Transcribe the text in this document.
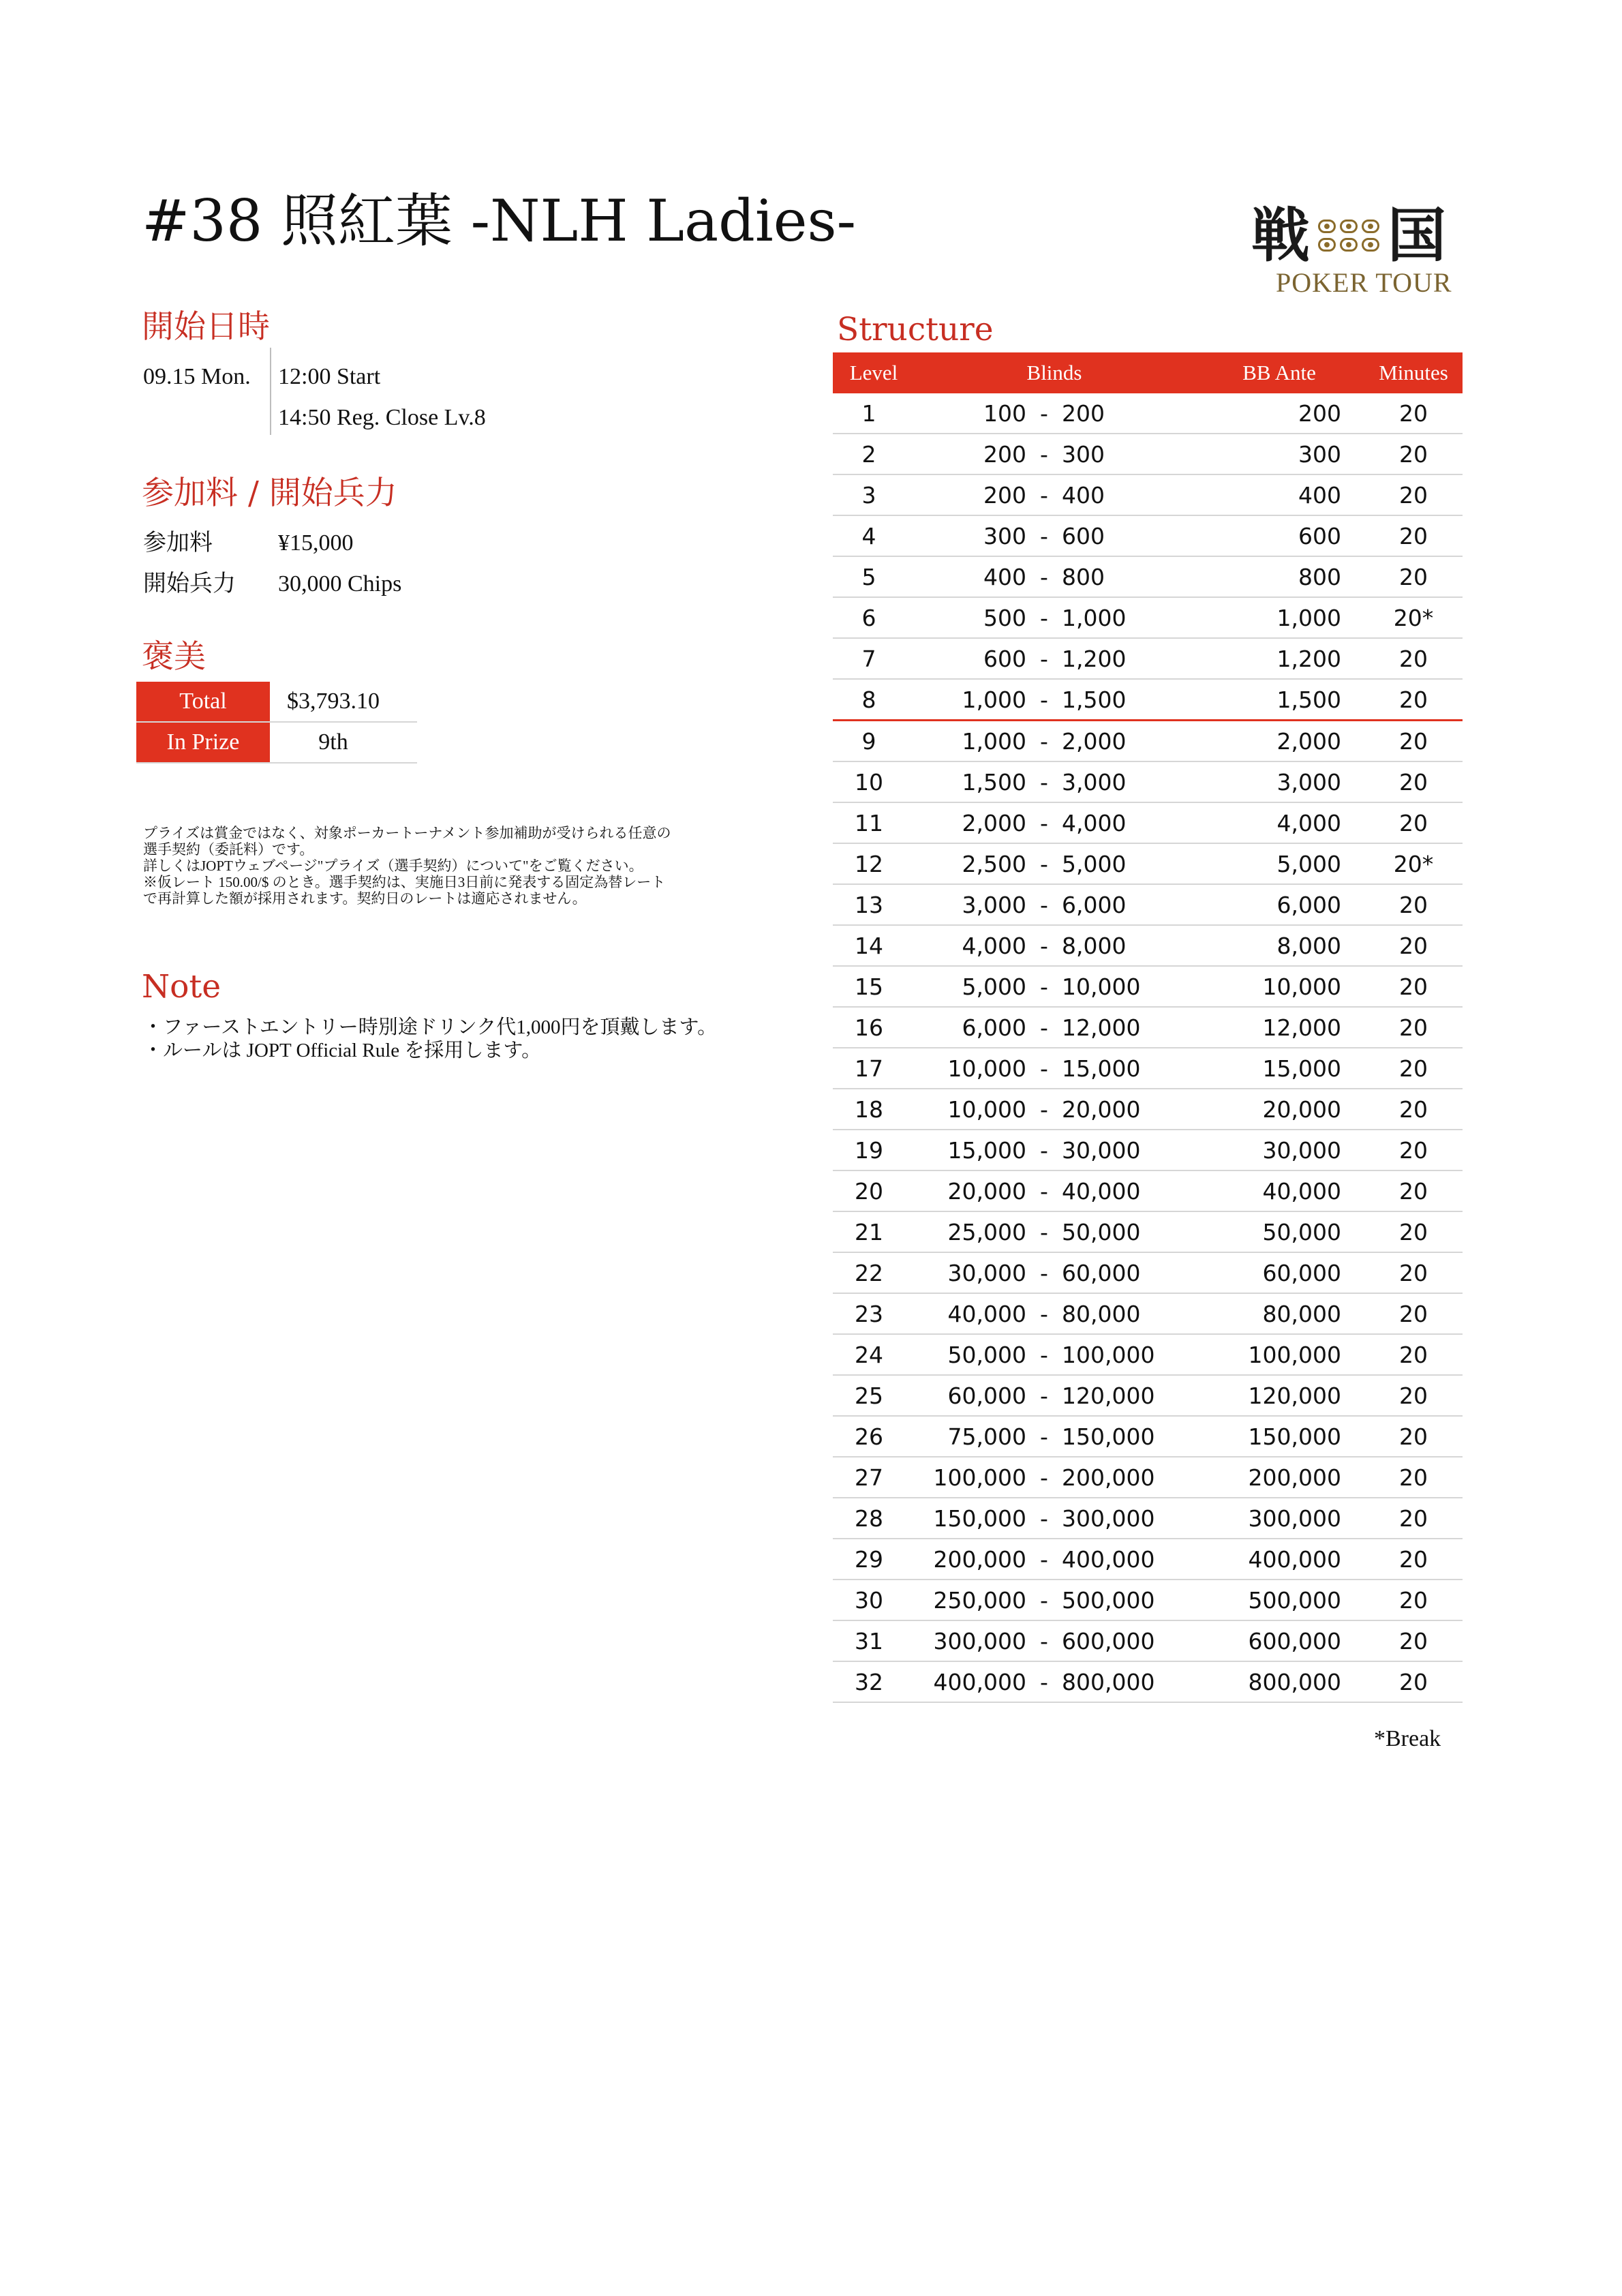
#38 照紅葉 -NLH Ladies-	戦 国
POKER TOUR
開始日時
09.15 Mon. 12:00 Start
14:50 Reg. Close Lv.8
参加料 / 開始兵力
参加料	¥15,000
開始兵力 30,000 Chips
褒美
Total	$3,793.10
In Prize	9th
プライズは賞金ではなく、対象ポーカートーナメント参加補助が受けられる任意の
選手契約（委託料）です。
詳しくはJOPTウェブページ"プライズ（選手契約）について"をご覧ください。
※仮レート 150.00/$ のとき。選手契約は、実施日3日前に発表する固定為替レート
で再計算した額が採用されます。契約日のレートは適応されません。
Note
・ファーストエントリー時別途ドリンク代1,000円を頂戴します。
・ルールは JOPT Official Rule を採用します。
Structure
Level	Blinds			BB Ante	Minutes
1	100	-	200	200	20
2	200	-	300	300	20
3	200	-	400	400	20
4	300	-	600	600	20
5	400	-	800	800	20
6	500	-	1,000	1,000	20*
7	600	-	1,200	1,200	20
8	1,000	-	1,500	1,500	20
9	1,000	-	2,000	2,000	20
10	1,500	-	3,000	3,000	20
11	2,000	-	4,000	4,000	20
12	2,500	-	5,000	5,000	20*
13	3,000	-	6,000	6,000	20
14	4,000	-	8,000	8,000	20
15	5,000	-	10,000	10,000	20
16	6,000	-	12,000	12,000	20
17	10,000	-	15,000	15,000	20
18	10,000	-	20,000	20,000	20
19	15,000	-	30,000	30,000	20
20	20,000	-	40,000	40,000	20
21	25,000	-	50,000	50,000	20
22	30,000	-	60,000	60,000	20
23	40,000	-	80,000	80,000	20
24	50,000	-	100,000	100,000	20
25	60,000	-	120,000	120,000	20
26	75,000	-	150,000	150,000	20
27	100,000	-	200,000	200,000	20
28	150,000	-	300,000	300,000	20
29	200,000	-	400,000	400,000	20
30	250,000	-	500,000	500,000	20
31	300,000	-	600,000	600,000	20
32	400,000	-	800,000	800,000	20
*Break
